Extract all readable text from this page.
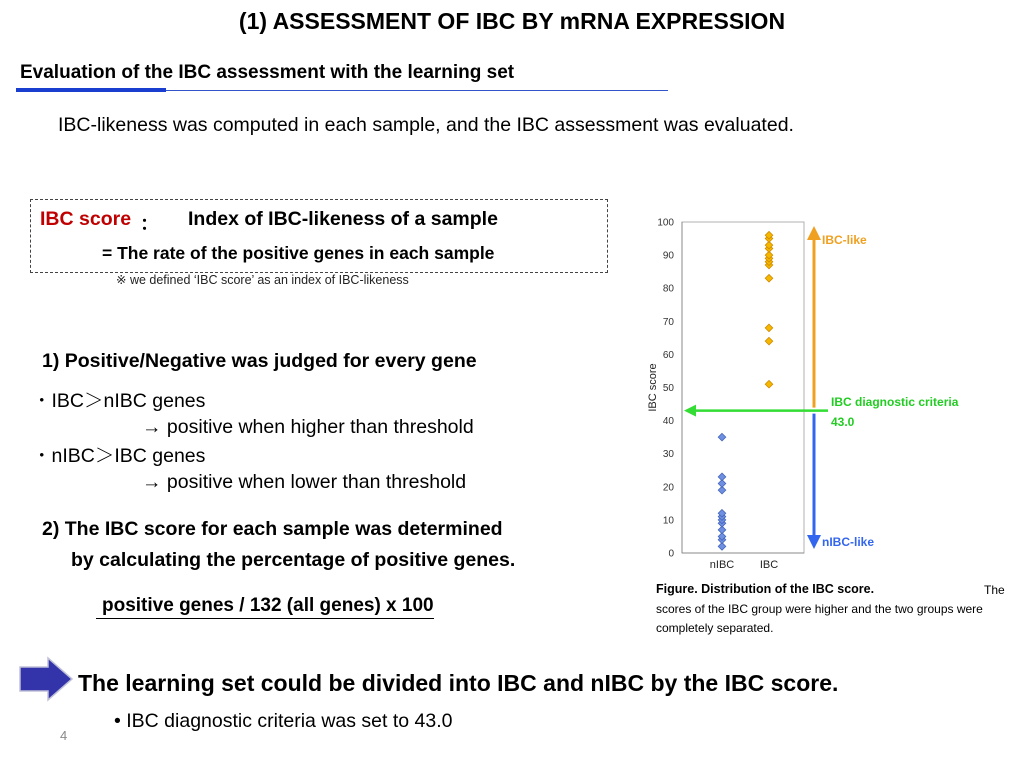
(1) ASSESSMENT OF IBC BY mRNA EXPRESSION
Evaluation of the IBC assessment with the learning set
IBC-likeness was computed in each sample, and the IBC assessment was evaluated.
IBC score ： Index of IBC-likeness of a sample
= The rate of the positive genes in each sample
※ we defined ‘IBC score’ as an index of IBC-likeness
1) Positive/Negative was judged for every gene
・IBC＞nIBC genes
→ positive when higher than threshold
・nIBC＞IBC genes
→ positive when lower than threshold
2) The IBC score for each sample was determined
by calculating the percentage of positive genes.
positive genes / 132 (all genes) x 100
nIBC IBC
IBC score
0
10
20
30
40
50
60
70
80
90
100
IBC-like
IBC diagnostic criteria
43.0
nIBC-like
Figure. Distribution of the IBC score.	The
scores of the IBC group were higher and the two groups were completely separated.
The learning set could be divided into IBC and nIBC by the IBC score.
• IBC diagnostic criteria was set to 43.0
4
